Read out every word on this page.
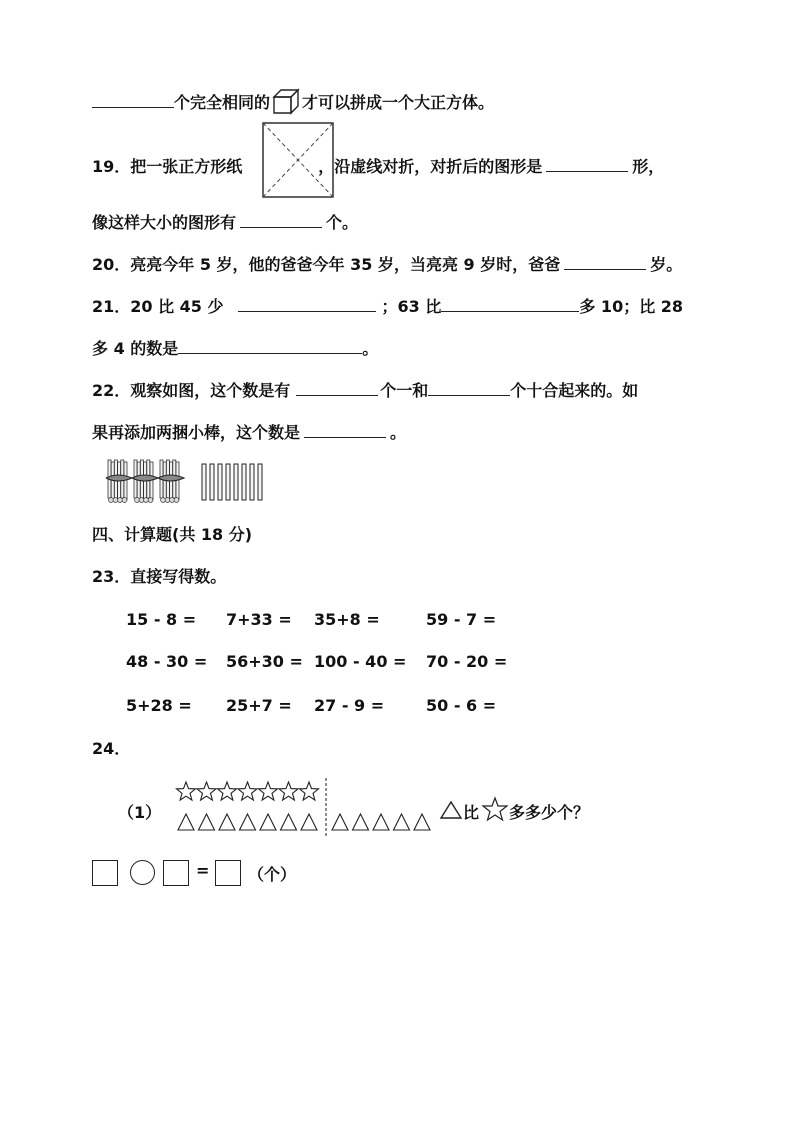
个完全相同的 才可以拼成一个大正方体。
19．把一张正方形纸	，沿虚线对折，对折后的图形是	形，
像这样大小的图形有	个。
20．亮亮今年 5 岁，他的爸爸今年 35 岁，当亮亮 9 岁时，爸爸	岁。
21．20 比 45 少	；63 比	多 10；比 28
多 4 的数是	。
22．观察如图，这个数是有	个一和	个十合起来的。如
果再添加两捆小棒，这个数是	。
四、计算题(共 18 分)
23．直接写得数。
15 - 8 = 7+33 = 35+8 =	59 - 7 =
48 - 30 = 56+30 = 100 - 40 = 70 - 20 =
5+28 = 25+7 = 27 - 9 =	50 - 6 =
24．
（1）	比 多多少个？
= （个）
